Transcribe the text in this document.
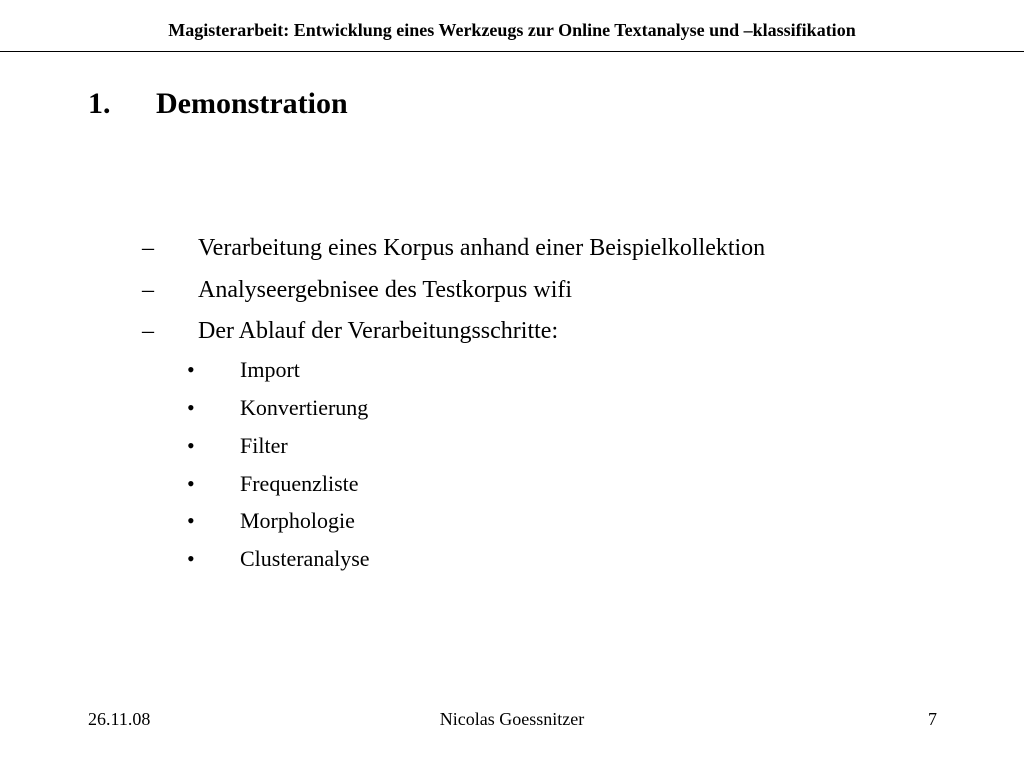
Magisterarbeit: Entwicklung eines Werkzeugs zur Online Textanalyse und –klassifikation
1. Demonstration
– Verarbeitung eines Korpus anhand einer Beispielkollektion
– Analyseergebnisee des Testkorpus wifi
– Der Ablauf der Verarbeitungsschritte:
• Import
• Konvertierung
• Filter
• Frequenzliste
• Morphologie
• Clusteranalyse
26.11.08	Nicolas Goessnitzer	7
